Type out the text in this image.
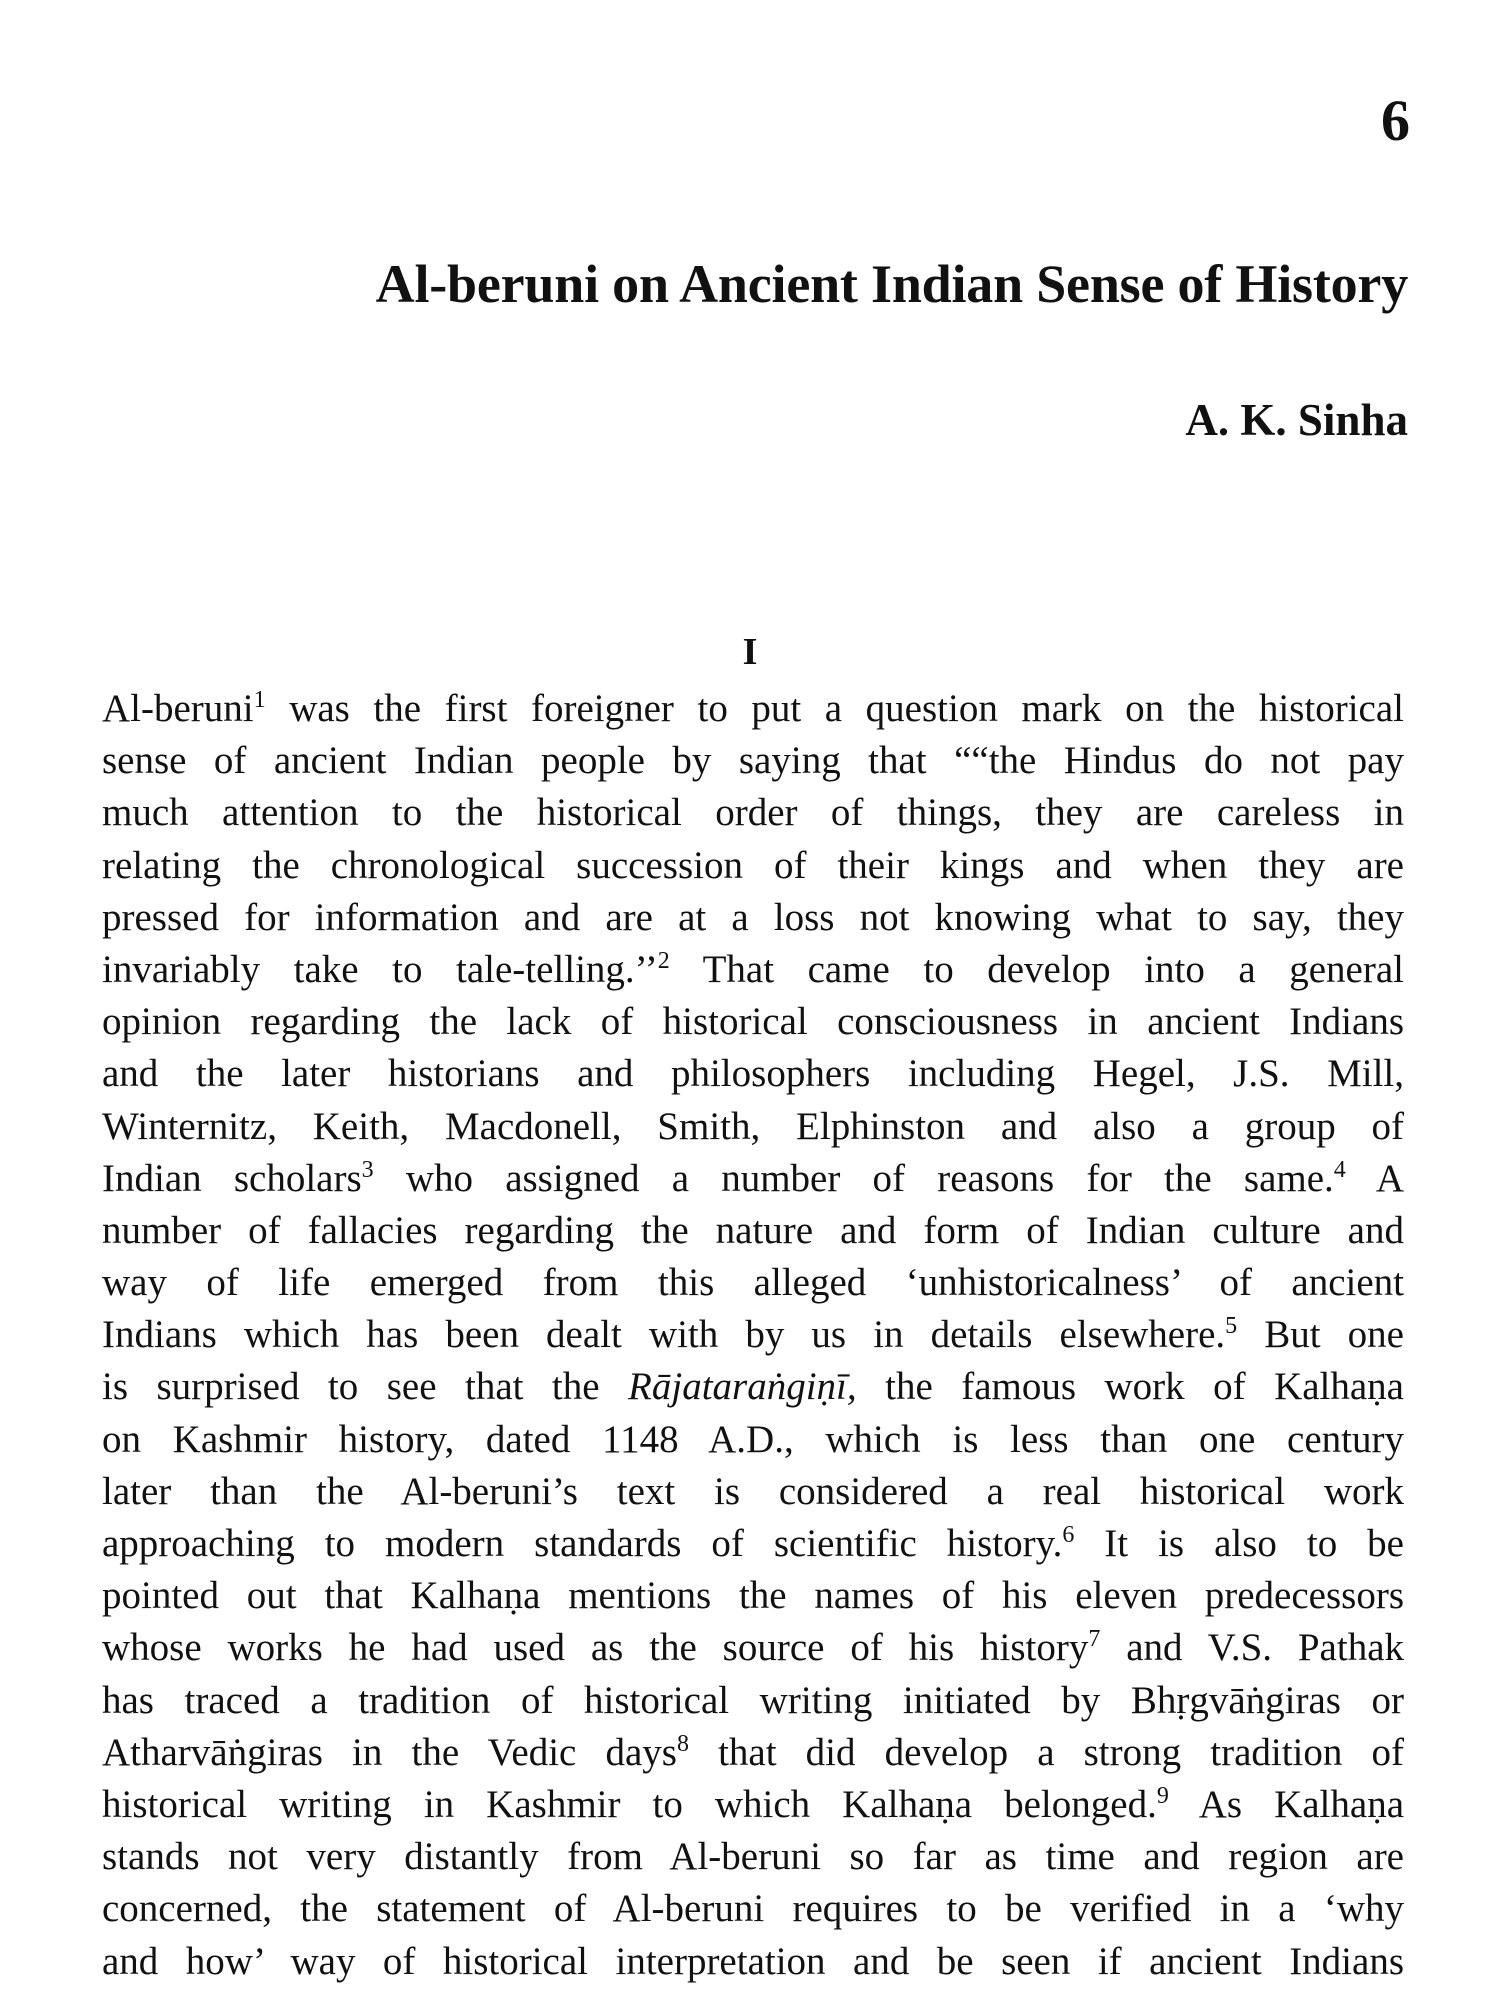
6
Al-beruni on Ancient Indian Sense of History

A. K. Sinha

I
Al-beruni$^1$ was the first foreigner to put a question mark on the historical
sense of ancient Indian people by saying that ““the Hindus do not pay
much attention to the historical order of things, they are careless in
relating the chronological succession of their kings and when they are
pressed for information and are at a loss not knowing what to say, they
invariably take to tale-telling.’’$^2$ That came to develop into a general
opinion regarding the lack of historical consciousness in ancient Indians
and the later historians and philosophers including Hegel, J.S. Mill,
Winternitz, Keith, Macdonell, Smith, Elphinston and also a group of
Indian scholars$^3$ who assigned a number of reasons for the same.$^4$ A
number of fallacies regarding the nature and form of Indian culture and
way of life emerged from this alleged ‘unhistoricalness’ of ancient
Indians which has been dealt with by us in details elsewhere.$^5$ But one
is surprised to see that the Rājataraṅgiṇī, the famous work of Kalhaṇa
on Kashmir history, dated 1148 A.D., which is less than one century
later than the Al-beruni’s text is considered a real historical work
approaching to modern standards of scientific history.$^6$ It is also to be
pointed out that Kalhaṇa mentions the names of his eleven predecessors
whose works he had used as the source of his history$^7$ and V.S. Pathak
has traced a tradition of historical writing initiated by Bhṛgvāṅgiras or
Atharvāṅgiras in the Vedic days$^8$ that did develop a strong tradition of
historical writing in Kashmir to which Kalhaṇa belonged.$^9$ As Kalhaṇa
stands not very distantly from Al-beruni so far as time and region are
concerned, the statement of Al-beruni requires to be verified in a ‘why
and how’ way of historical interpretation and be seen if ancient Indians
